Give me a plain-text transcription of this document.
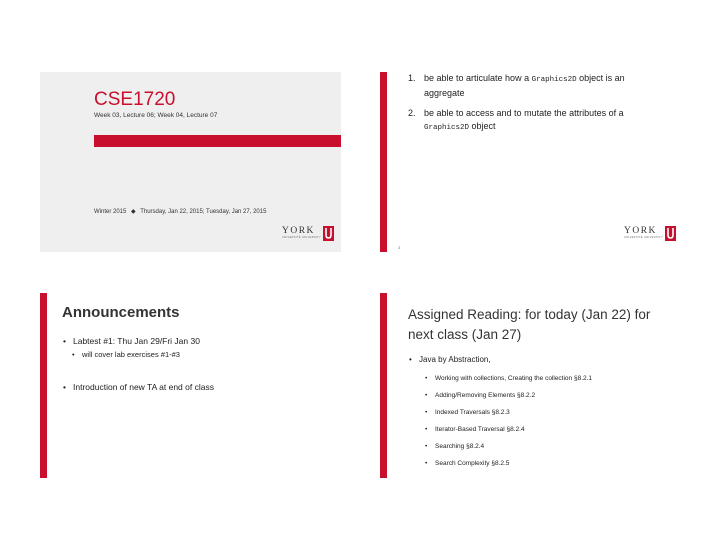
CSE1720
Week 03, Lecture 06; Week 04, Lecture 07
Winter 2015 ◆ Thursday, Jan 22, 2015; Tuesday, Jan 27, 2015
YORK
UNIVERSITÉ UNIVERSITY
1. be able to articulate how a Graphics2D object is an aggregate
2. be able to access and to mutate the attributes of a Graphics2D object
3
YORK
UNIVERSITÉ UNIVERSITY
Announcements
• Labtest #1: Thu Jan 29/Fri Jan 30
• will cover lab exercises #1-#3
• Introduction of new TA at end of class
Assigned Reading: for today (Jan 22) for next class (Jan 27)
• Java by Abstraction,
• Working with collections, Creating the collection §8.2.1
• Adding/Removing Elements §8.2.2
• Indexed Traversals §8.2.3
• Iterator-Based Traversal §8.2.4
• Searching §8.2.4
• Search Complexity §8.2.5
